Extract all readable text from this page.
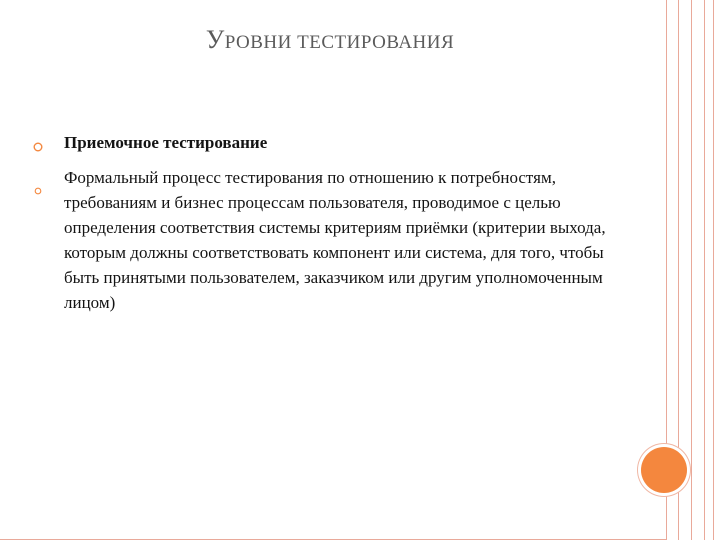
УРОВНИ ТЕСТИРОВАНИЯ
Приемочное тестирование
Формальный процесс тестирования по отношению к потребностям, требованиям и бизнес процессам пользователя, проводимое с целью определения соответствия системы критериям приёмки (критерии выхода, которым должны соответствовать компонент или система, для того, чтобы быть принятыми пользователем, заказчиком или другим уполномоченным лицом)
